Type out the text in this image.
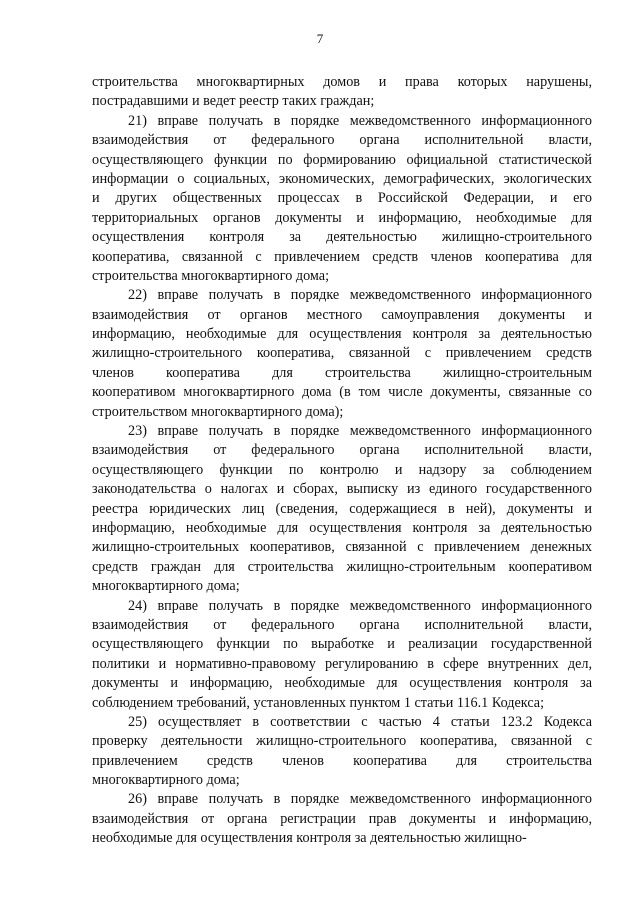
7
строительства многоквартирных домов и права которых нарушены,
пострадавшими и ведет реестр таких граждан;
21) вправе получать в порядке межведомственного информационного
взаимодействия от федерального органа исполнительной власти,
осуществляющего функции по формированию официальной статистической
информации о социальных, экономических, демографических, экологических
и других общественных процессах в Российской Федерации, и его
территориальных органов документы и информацию, необходимые для
осуществления контроля за деятельностью жилищно-строительного
кооператива, связанной с привлечением средств членов кооператива для
строительства многоквартирного дома;
22) вправе получать в порядке межведомственного информационного
взаимодействия от органов местного самоуправления документы и
информацию, необходимые для осуществления контроля за деятельностью
жилищно-строительного кооператива, связанной с привлечением средств
членов кооператива для строительства жилищно-строительным
кооперативом многоквартирного дома (в том числе документы, связанные со
строительством многоквартирного дома);
23) вправе получать в порядке межведомственного информационного
взаимодействия от федерального органа исполнительной власти,
осуществляющего функции по контролю и надзору за соблюдением
законодательства о налогах и сборах, выписку из единого государственного
реестра юридических лиц (сведения, содержащиеся в ней), документы и
информацию, необходимые для осуществления контроля за деятельностью
жилищно-строительных кооперативов, связанной с привлечением денежных
средств граждан для строительства жилищно-строительным кооперативом
многоквартирного дома;
24) вправе получать в порядке межведомственного информационного
взаимодействия от федерального органа исполнительной власти,
осуществляющего функции по выработке и реализации государственной
политики и нормативно-правовому регулированию в сфере внутренних дел,
документы и информацию, необходимые для осуществления контроля за
соблюдением требований, установленных пунктом 1 статьи 116.1 Кодекса;
25) осуществляет в соответствии с частью 4 статьи 123.2 Кодекса
проверку деятельности жилищно-строительного кооператива, связанной с
привлечением средств членов кооператива для строительства
многоквартирного дома;
26) вправе получать в порядке межведомственного информационного
взаимодействия от органа регистрации прав документы и информацию,
необходимые для осуществления контроля за деятельностью жилищно-
